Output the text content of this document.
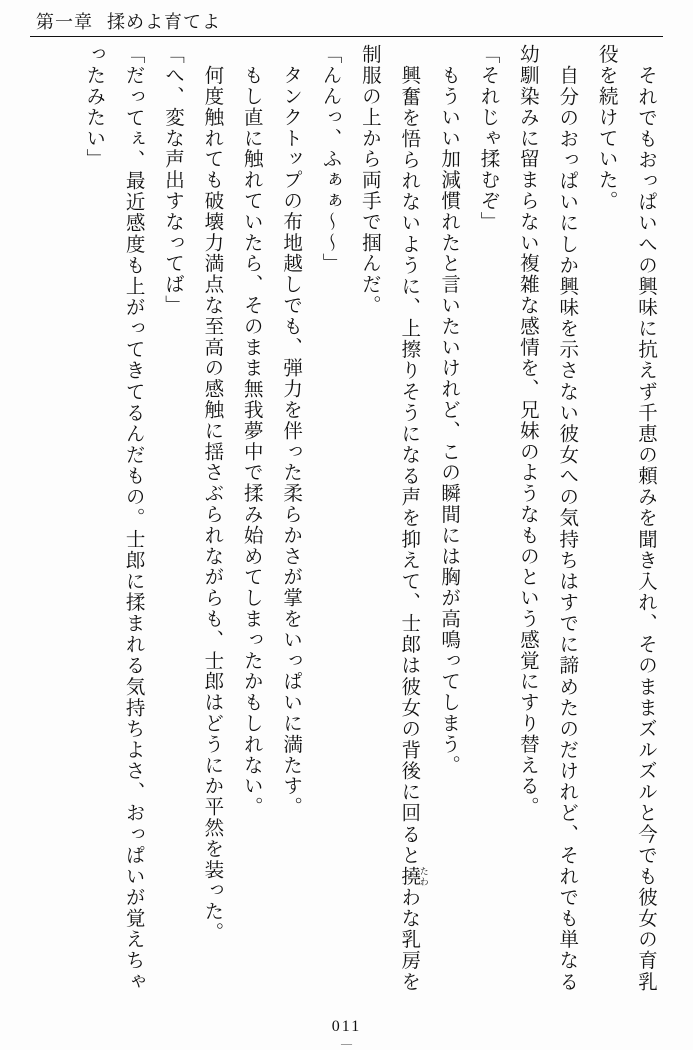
第一章 揉めよ育てよ

　それでもおっぱいへの興味に抗えず千恵の頼みを聞き入れ、そのままズルズルと今でも彼女の育乳役を続けていた。

　自分のおっぱいにしか興味を示さない彼女への気持ちはすでに諦めたのだけれど、それでも単なる幼馴染みに留まらない複雑な感情を、兄妹のようなものという感覚にすり替える。

「それじゃ揉むぞ」

　もういい加減慣れたと言いたいけれど、この瞬間には胸が高鳴ってしまう。

　興奮を悟られないように、上擦りそうになる声を抑えて、士郎は彼女の背後に回ると撓 たわわな乳房を制服の上から両手で掴んだ。

「んんっ、ふぁぁ〜〜」

　タンクトップの布地越しでも、弾力を伴った柔らかさが掌をいっぱいに満たす。

　もし直に触れていたら、そのまま無我夢中で揉み始めてしまったかもしれない。

　何度触れても破壊力満点な至高の感触に揺さぶられながらも、士郎はどうにか平然を装った。

「へ、変な声出すなってば」

「だってぇ、最近感度も上がってきてるんだもの。士郎に揉まれる気持ちよさ、おっぱいが覚えちゃったみたい」

011
―
